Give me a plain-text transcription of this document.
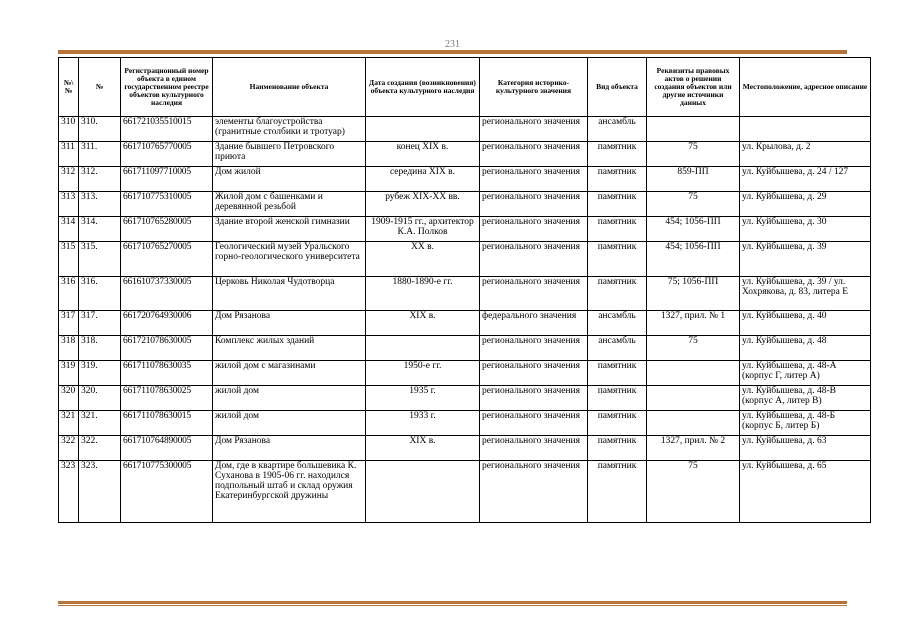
231
№\ №	№	Регистрационный номер объекта в едином государственном реестре объектов культурного наследия	Наименование объекта	Дата создания (возникновения) объекта культурного наследия	Категория историко-культурного значения	Вид объекта	Реквизиты правовых актов о решении создания объектов или другие источники данных	Местоположение, адресное описание
310	310.	661721035510015	элементы благоустройства (гранитные столбики и тротуар)		регионального значения	ансамбль		
311	311.	661710765770005	Здание бывшего Петровского приюта	конец XIX в.	регионального значения	памятник	75	ул. Крылова, д. 2
312	312.	661711097710005	Дом жилой	середина XIX в.	регионального значения	памятник	859-ПП	ул. Куйбышева, д. 24 / 127
313	313.	661710775310005	Жилой дом с башенками и деревянной резьбой	рубеж XIX-XX вв.	регионального значения	памятник	75	ул. Куйбышева, д. 29
314	314.	661710765280005	Здание второй женской гимназии	1909-1915 гг., архитектор К.А. Полков	регионального значения	памятник	454; 1056-ПП	ул. Куйбышева, д. 30
315	315.	661710765270005	Геологический музей Уральского горно-геологического университета	XX в.	регионального значения	памятник	454; 1056-ПП	ул. Куйбышева, д. 39
316	316.	661610737330005	Церковь Николая Чудотворца	1880-1890-е гг.	регионального значения	памятник	75; 1056-ПП	ул. Куйбышева, д. 39 / ул. Хохрякова, д. 83, литера Е
317	317.	661720764930006	Дом Рязанова	XIX в.	федерального значения	ансамбль	1327, прил. № 1	ул. Куйбышева, д. 40
318	318.	661721078630005	Комплекс жилых зданий		регионального значения	ансамбль	75	ул. Куйбышева, д. 48
319	319.	661711078630035	жилой дом с магазинами	1950-е гг.	регионального значения	памятник		ул. Куйбышева, д. 48-А (корпус Г, литер А)
320	320.	661711078630025	жилой дом	1935 г.	регионального значения	памятник		ул. Куйбышева, д. 48-В (корпус А, литер В)
321	321.	661711078630015	жилой дом	1933 г.	регионального значения	памятник		ул. Куйбышева, д. 48-Б (корпус Б, литер Б)
322	322.	661710764890005	Дом Рязанова	XIX в.	регионального значения	памятник	1327, прил. № 2	ул. Куйбышева, д. 63
323	323.	661710775300005	Дом, где в квартире большевика К. Суханова в 1905-06 гг. находился подпольный штаб и склад оружия Екатеринбургской дружины		регионального значения	памятник	75	ул. Куйбышева, д. 65
